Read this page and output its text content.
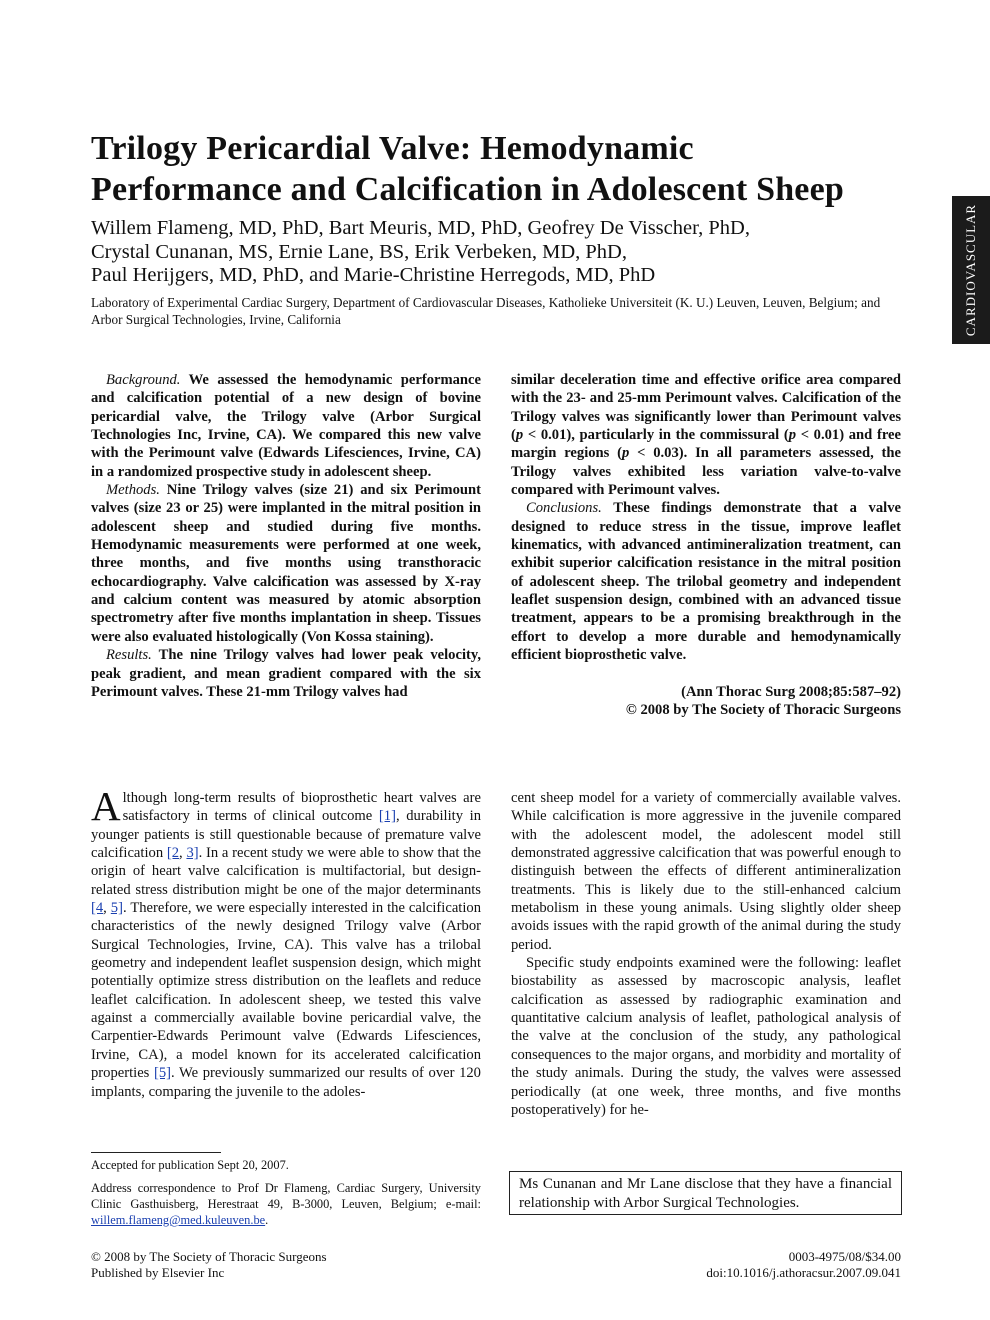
CARDIOVASCULAR
Trilogy Pericardial Valve: Hemodynamic
Performance and Calcification in Adolescent Sheep
Willem Flameng, MD, PhD, Bart Meuris, MD, PhD, Geofrey De Visscher, PhD,
Crystal Cunanan, MS, Ernie Lane, BS, Erik Verbeken, MD, PhD,
Paul Herijgers, MD, PhD, and Marie-Christine Herregods, MD, PhD
Laboratory of Experimental Cardiac Surgery, Department of Cardiovascular Diseases, Katholieke Universiteit (K. U.) Leuven, Leuven, Belgium; and Arbor Surgical Technologies, Irvine, California

Background. We assessed the hemodynamic performance and calcification potential of a new design of bovine pericardial valve, the Trilogy valve (Arbor Surgical Technologies Inc, Irvine, CA). We compared this new valve with the Perimount valve (Edwards Lifesciences, Irvine, CA) in a randomized prospective study in adolescent sheep.

Methods. Nine Trilogy valves (size 21) and six Perimount valves (size 23 or 25) were implanted in the mitral position in adolescent sheep and studied during five months. Hemodynamic measurements were performed at one week, three months, and five months using transthoracic echocardiography. Valve calcification was assessed by X-ray and calcium content was measured by atomic absorption spectrometry after five months implantation in sheep. Tissues were also evaluated histologically (Von Kossa staining).

Results. The nine Trilogy valves had lower peak velocity, peak gradient, and mean gradient compared with the six Perimount valves. These 21-mm Trilogy valves had

similar deceleration time and effective orifice area compared with the 23- and 25-mm Perimount valves. Calcification of the Trilogy valves was significantly lower than Perimount valves (p < 0.01), particularly in the commissural (p < 0.01) and free margin regions (p < 0.03). In all parameters assessed, the Trilogy valves exhibited less variation valve-to-valve compared with Perimount valves.

Conclusions. These findings demonstrate that a valve designed to reduce stress in the tissue, improve leaflet kinematics, with advanced antimineralization treatment, can exhibit superior calcification resistance in the mitral position of adolescent sheep. The trilobal geometry and independent leaflet suspension design, combined with an advanced tissue treatment, appears to be a promising breakthrough in the effort to develop a more durable and hemodynamically efficient bioprosthetic valve.

(Ann Thorac Surg 2008;85:587–92)
© 2008 by The Society of Thoracic Surgeons

Although long-term results of bioprosthetic heart valves are satisfactory in terms of clinical outcome [1], durability in younger patients is still questionable because of premature valve calcification [2, 3]. In a recent study we were able to show that the origin of heart valve calcification is multifactorial, but design-related stress distribution might be one of the major determinants [4, 5]. Therefore, we were especially interested in the calcification characteristics of the newly designed Trilogy valve (Arbor Surgical Technologies, Irvine, CA). This valve has a trilobal geometry and independent leaflet suspension design, which might potentially optimize stress distribution on the leaflets and reduce leaflet calcification. In adolescent sheep, we tested this valve against a commercially available bovine pericardial valve, the Carpentier-Edwards Perimount valve (Edwards Lifesciences, Irvine, CA), a model known for its accelerated calcification properties [5]. We previously summarized our results of over 120 implants, comparing the juvenile to the adoles-

cent sheep model for a variety of commercially available valves. While calcification is more aggressive in the juvenile compared with the adolescent model, the adolescent model still demonstrated aggressive calcification that was powerful enough to distinguish between the effects of different antimineralization treatments. This is likely due to the still-enhanced calcium metabolism in these young animals. Using slightly older sheep avoids issues with the rapid growth of the animal during the study period.

Specific study endpoints examined were the following: leaflet biostability as assessed by macroscopic analysis, leaflet calcification as assessed by radiographic examination and quantitative calcium analysis of leaflet, pathological analysis of the valve at the conclusion of the study, any pathological consequences to the major organs, and morbidity and mortality of the study animals. During the study, the valves were assessed periodically (at one week, three months, and five months postoperatively) for he-

Accepted for publication Sept 20, 2007.
Address correspondence to Prof Dr Flameng, Cardiac Surgery, University Clinic Gasthuisberg, Herestraat 49, B-3000, Leuven, Belgium; e-mail: willem.flameng@med.kuleuven.be.
Ms Cunanan and Mr Lane disclose that they have a financial relationship with Arbor Surgical Technologies.
© 2008 by The Society of Thoracic Surgeons
Published by Elsevier Inc
0003-4975/08/$34.00
doi:10.1016/j.athoracsur.2007.09.041
